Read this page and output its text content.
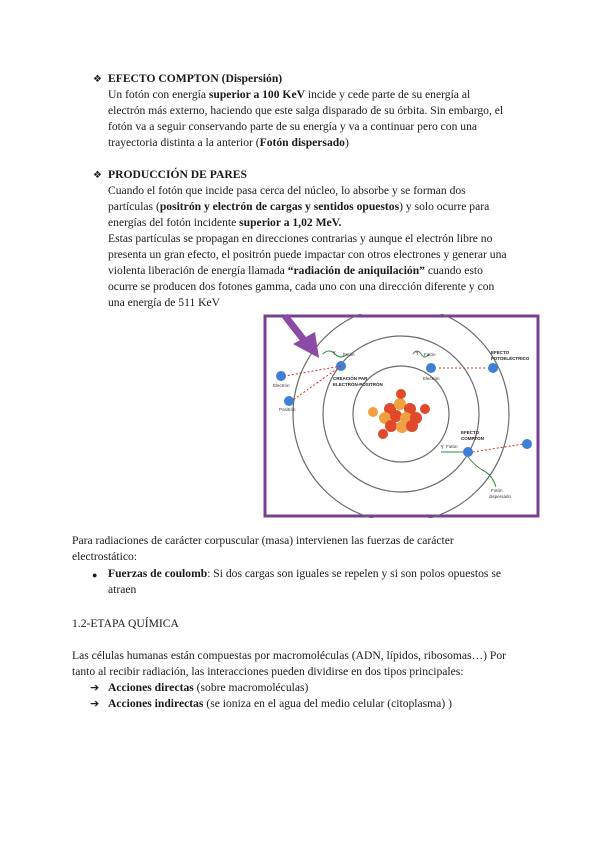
❖ EFECTO COMPTON (Dispersión)
Un fotón con energía superior a 100 KeV incide y cede parte de su energía al
electrón más externo, haciendo que este salga disparado de su órbita. Sin embargo, el
fotón va a seguir conservando parte de su energía y va a continuar pero con una
trayectoria distinta a la anterior (Fotón dispersado)
❖ PRODUCCIÓN DE PARES
Cuando el fotón que incide pasa cerca del núcleo, lo absorbe y se forman dos
partículas (positrón y electrón de cargas y sentidos opuestos) y solo ocurre para
energías del fotón incidente superior a 1,02 MeV.
Estas partículas se propagan en direcciones contrarias y aunque el electrón libre no
presenta un gran efecto, el positrón puede impactar con otros electrones y generar una
violenta liberación de energía llamada “radiación de aniquilación” cuando esto
ocurre se producen dos fotones gamma, cada uno con una dirección diferente y con
una energía de 511 KeV
Fotón	Fotón
Fotón
γ	γ
γ
Electrón
Positrón
CREACIÓN PAR
ELECTRÓN-POSITRÓN
Electrón
EFECTO
FOTOELÉCTRICO
EFECTO
COMPTON
Fotón
dispersado
Para radiaciones de carácter corpuscular (masa) intervienen las fuerzas de carácter
electrostático:
● Fuerzas de coulomb: Si dos cargas son iguales se repelen y si son polos opuestos se
atraen
1.2-ETAPA QUÍMICA
Las células humanas están compuestas por macromoléculas (ADN, lípidos, ribosomas…) Por
tanto al recibir radiación, las interacciones pueden dividirse en dos tipos principales:
➔ Acciones directas (sobre macromoléculas)
➔ Acciones indirectas (se ioniza en el agua del medio celular (citoplasma) )
